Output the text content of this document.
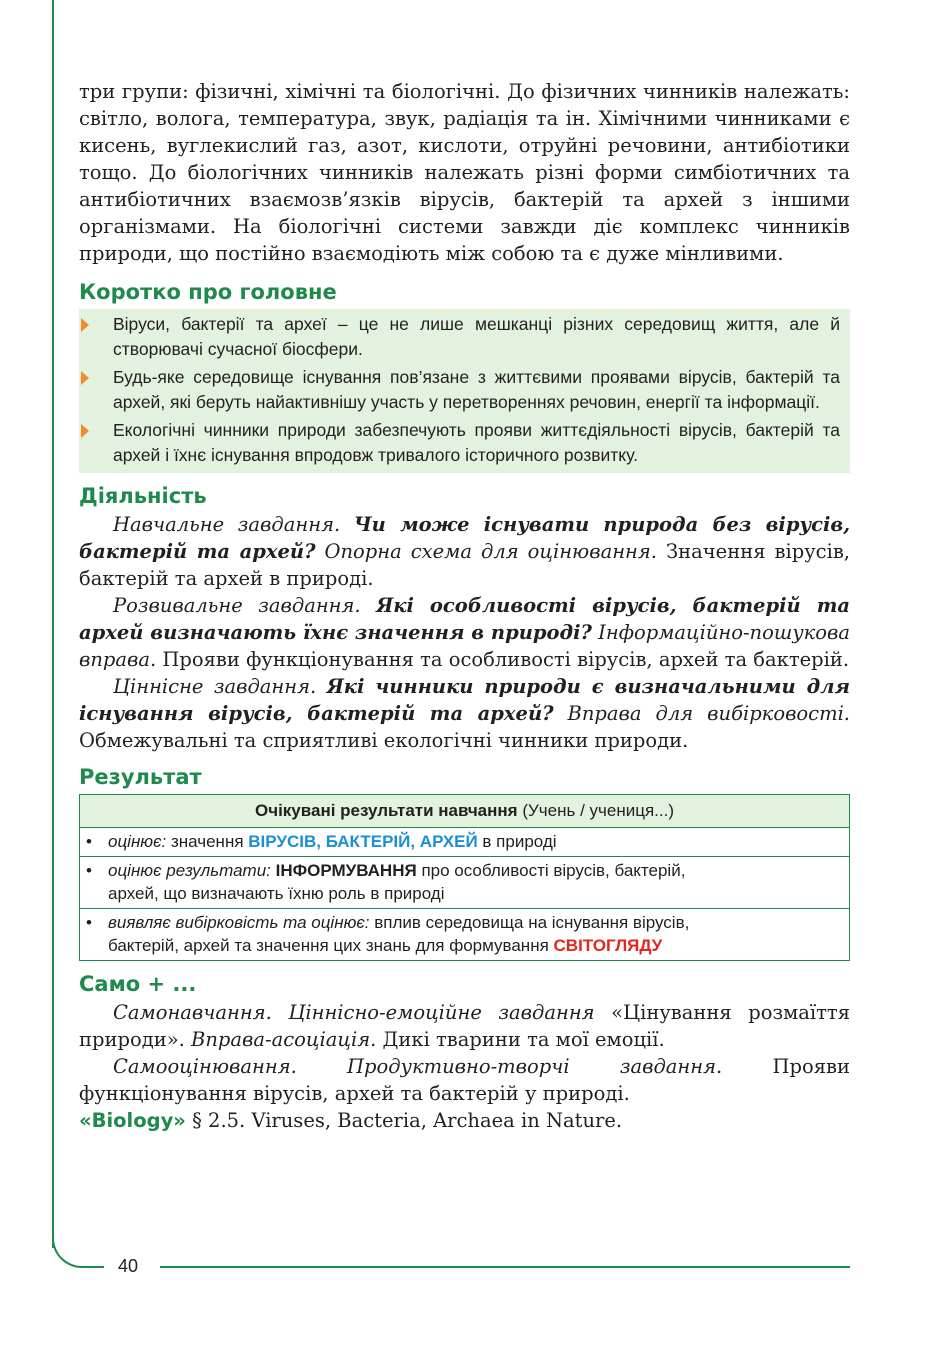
40

три групи: фізичні, хімічні та біологічні. До фізичних чинників належать: світло, волога, температура, звук, радіація та ін. Хімічними чинниками є кисень, вуглекислий газ, азот, кислоти, отруйні речовини, антибіотики тощо. До біологічних чинників належать різні форми симбіотичних та антибіотичних взаємозв’язків вірусів, бактерій та архей з іншими організмами. На біологічні системи завжди діє комплекс чинників природи, що постійно взаємодіють між собою та є дуже мінливими.

Коротко про головне
Віруси, бактерії та археї – це не лише мешканці різних середовищ життя, але й створювачі сучасної біосфери.
Будь-яке середовище існування пов’язане з життєвими проявами вірусів, бактерій та архей, які беруть найактивнішу участь у перетвореннях речовин, енергії та інформації.
Екологічні чинники природи забезпечують прояви життєдіяльності вірусів, бактерій та архей і їхнє існування впродовж тривалого історичного розвитку.
Діяльність

Навчальне завдання. Чи може існувати природа без вірусів, бактерій та архей? Опорна схема для оцінювання. Значення вірусів, бактерій та архей в природі.

Розвивальне завдання. Які особливості вірусів, бактерій та архей визначають їхнє значення в природі? Інформаційно-пошукова вправа. Прояви функціонування та особливості вірусів, архей та бактерій.

Ціннісне завдання. Які чинники природи є визначальними для існування вірусів, бактерій та архей? Вправа для вибірковості. Обмежувальні та сприятливі екологічні чинники природи.

Результат
Очікувані результати навчання (Учень / учениця...)
• оцінює: значення ВІРУСІВ, БАКТЕРІЙ, АРХЕЙ в природі
• оцінює результати: ІНФОРМУВАННЯ про особливості вірусів, бактерій,
архей, що визначають їхню роль в природі

• виявляє вибірковість та оцінює: вплив середовища на існування вірусів,
бактерій, архей та значення цих знань для формування СВІТОГЛЯДУ
Само + ...

Самонавчання. Ціннісно-емоційне завдання «Цінування розмаїття природи». Вправа-асоціація. Дикі тварини та мої емоції.

Самооцінювання. Продуктивно-творчі завдання.	Прояви функціонування вірусів, архей та бактерій у природі.

«Biology» § 2.5. Viruses, Bacteria, Archaea in Nature.
